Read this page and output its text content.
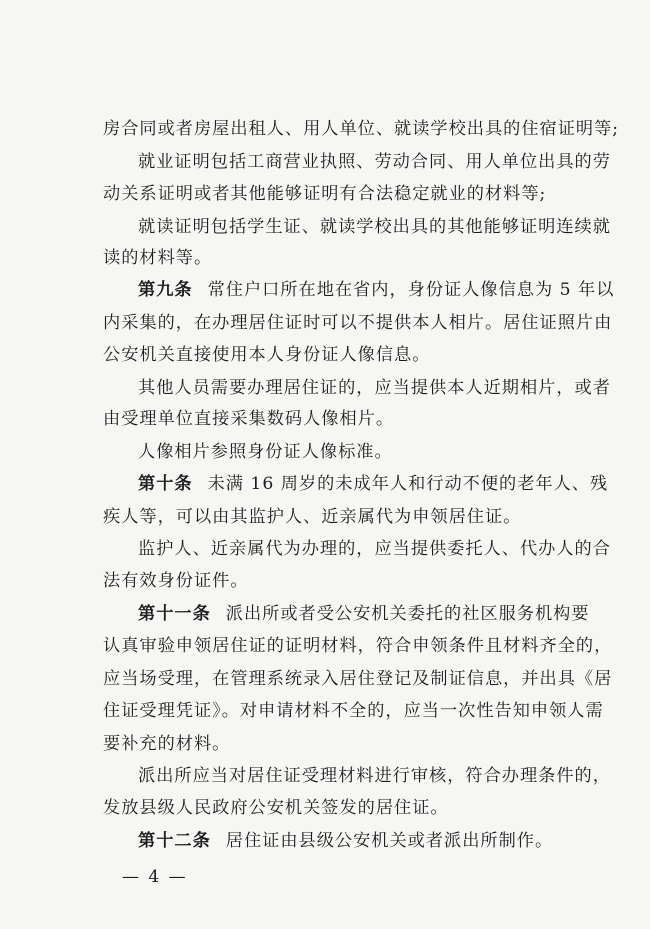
房合同或者房屋出租人、用人单位、就读学校出具的住宿证明等;
就业证明包括工商营业执照、劳动合同、用人单位出具的劳
动关系证明或者其他能够证明有合法稳定就业的材料等;
就读证明包括学生证、就读学校出具的其他能够证明连续就
读的材料等。
第九条 常住户口所在地在省内，身份证人像信息为 5 年以
内采集的，在办理居住证时可以不提供本人相片。居住证照片由
公安机关直接使用本人身份证人像信息。
其他人员需要办理居住证的，应当提供本人近期相片，或者
由受理单位直接采集数码人像相片。
人像相片参照身份证人像标准。
第十条 未满 16 周岁的未成年人和行动不便的老年人、残
疾人等，可以由其监护人、近亲属代为申领居住证。
监护人、近亲属代为办理的，应当提供委托人、代办人的合
法有效身份证件。
第十一条 派出所或者受公安机关委托的社区服务机构要
认真审验申领居住证的证明材料，符合申领条件且材料齐全的，
应当场受理，在管理系统录入居住登记及制证信息，并出具《居
住证受理凭证》。对申请材料不全的，应当一次性告知申领人需
要补充的材料。
派出所应当对居住证受理材料进行审核，符合办理条件的，
发放县级人民政府公安机关签发的居住证。
第十二条 居住证由县级公安机关或者派出所制作。
— 4 —
